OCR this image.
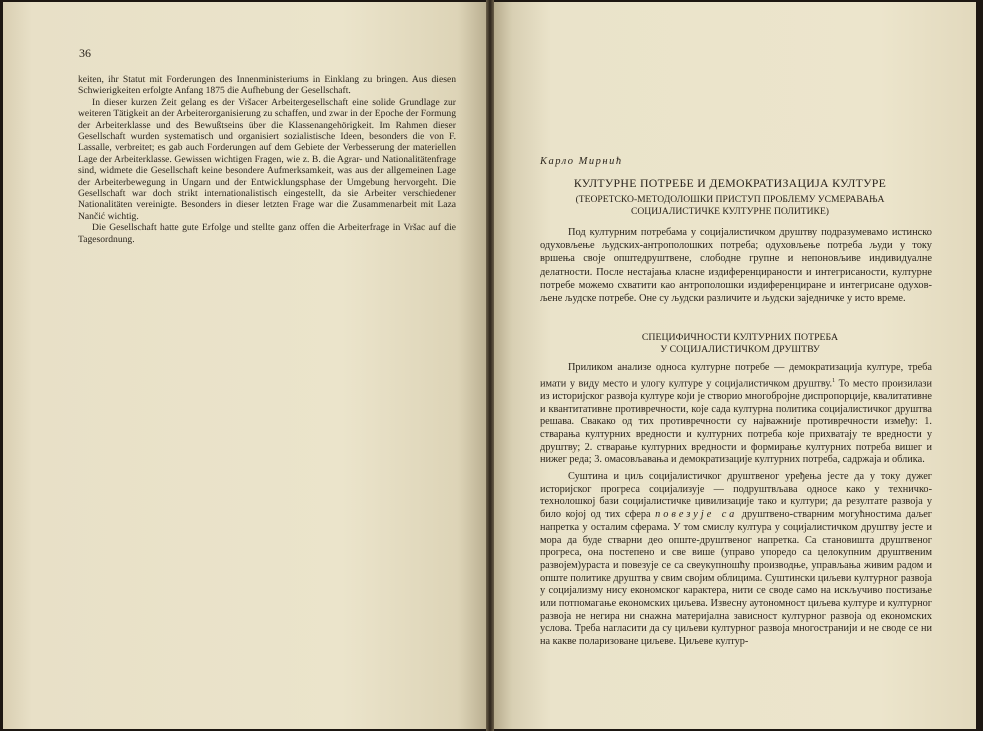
36

keiten, ihr Statut mit Forderungen des Innenministeriums in Einklang zu bringen. Aus diesen Schwierigkeiten erfolgte Anfang 1875 die Aufhebung der Gesellschaft.

In dieser kurzen Zeit gelang es der Vršacer Arbeitergesellschaft eine solide Grundlage zur weiteren Tätigkeit an der Arbeiterorganisierung zu schaffen, und zwar in der Epoche der Formung der Arbeiterklasse und des Bewußtseins über die Klassenangehörigkeit. Im Rahmen dieser Gesellschaft wurden systematisch und organisiert sozialistische Ideen, besonders die von F. Lassalle, verbreitet; es gab auch Forderungen auf dem Gebiete der Verbesserung der materiellen Lage der Arbeiterklasse. Gewissen wichtigen Fragen, wie z. B. die Agrar- und Nationalitätenfrage sind, widmete die Gesellschaft keine besondere Aufmerksamkeit, was aus der allgemeinen Lage der Arbeiterbewegung in Ungarn und der Entwicklungsphase der Umgebung hervorgeht. Die Gesellschaft war doch strikt internationalistisch eingestellt, da sie Arbeiter verschiedener Nationalitäten vereinigte. Besonders in dieser letzten Frage war die Zusammenarbeit mit Laza Nančić wichtig.

Die Gesellschaft hatte gute Erfolge und stellte ganz offen die Arbeiterfrage in Vršac auf die Tagesordnung.

Карло Мирнић
КУЛТУРНЕ ПОТРЕБЕ И ДЕМОКРАТИЗАЦИЈА КУЛТУРЕ
(ТЕОРЕТСКО-МЕТОДОЛОШКИ ПРИСТУП ПРОБЛЕМУ УСМЕРАВАЊА
СОЦИЈАЛИСТИЧКЕ КУЛТУРНЕ ПОЛИТИКЕ)

Под културним потребама у социјалистичком друштву подразумевамо истинско одуховљење људских-антрополошких потреба; одуховљење потреба људи у току вршења своје општедруштвене, слободне групне и непоновљиве индивидуалне делатности. После нестајања класне издиференцираности и интегрисаности, културне потребе можемо схватити као антрополошки издиференциране и интегрисане одуховљене људске потребе. Оне су људски различите и људски заједничке у исто време.

СПЕЦИФИЧНОСТИ КУЛТУРНИХ ПОТРЕБА
У СОЦИЈАЛИСТИЧКОМ ДРУШТВУ

Приликом анализе односа културне потребе — демократизација културе, треба имати у виду место и улогу културе у социјалистичком друштву.$^1$ То место произилази из историјског развоја културе који је створио многобројне диспропорције, квалитативне и квантитативне противречности, које сада културна политика социјалистичког друштва решава. Свакако од тих противречности су најважније противречности између: 1. стварања културних вредности и културних потреба које прихватају те вредности у друштву; 2. стварање културних вредности и формирање културних потреба вишег и нижег реда; 3. омасовљавања и демократизације културних потреба, садржаја и облика.

Суштина и циљ социјалистичког друштвеног уређења јесте да у току дужег историјског прогреса социјализује — подруштвљава односе како у техничко-технолошкој бази социјалистичке цивилизације тако и култури; да резултате развоја у било којој од тих сфера повезује са друштвено-стварним могућностима даљег напретка у осталим сферама. У том смислу култура у социјалистичком друштву јесте и мора да буде стварни део опште-друштвеног напретка. Са становишта друштвеног прогреса, она постепено и све више (управо упоредо са целокупним друштвеним развојем)ураста и повезује се са свеукупношћу производње, управљања живим радом и опште политике друштва у свим својим облицима. Суштински циљеви културног развоја у социјализму нису економског карактера, нити се своде само на искључиво постизање или потпомагање економских циљева. Извесну аутономност циљева културе и културног развоја не негира ни снажна материјална зависност културног развоја од економских услова. Треба нагласити да су циљеви културног развоја многостранији и не своде се ни на какве поларизоване циљеве. Циљеве култур-
